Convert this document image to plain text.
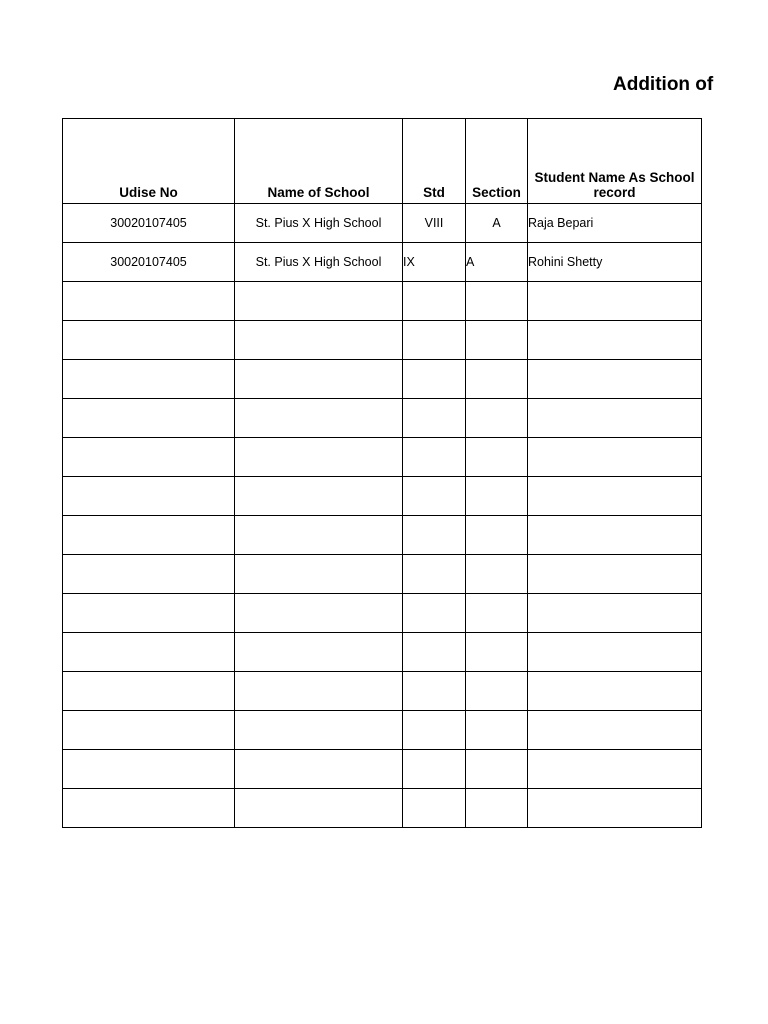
Addition of
Udise No	Name of School	Std	Section	Student Name As School record
30020107405	St. Pius X High School	VIII	A	Raja Bepari
30020107405	St. Pius X High School	IX	A	Rohini Shetty
